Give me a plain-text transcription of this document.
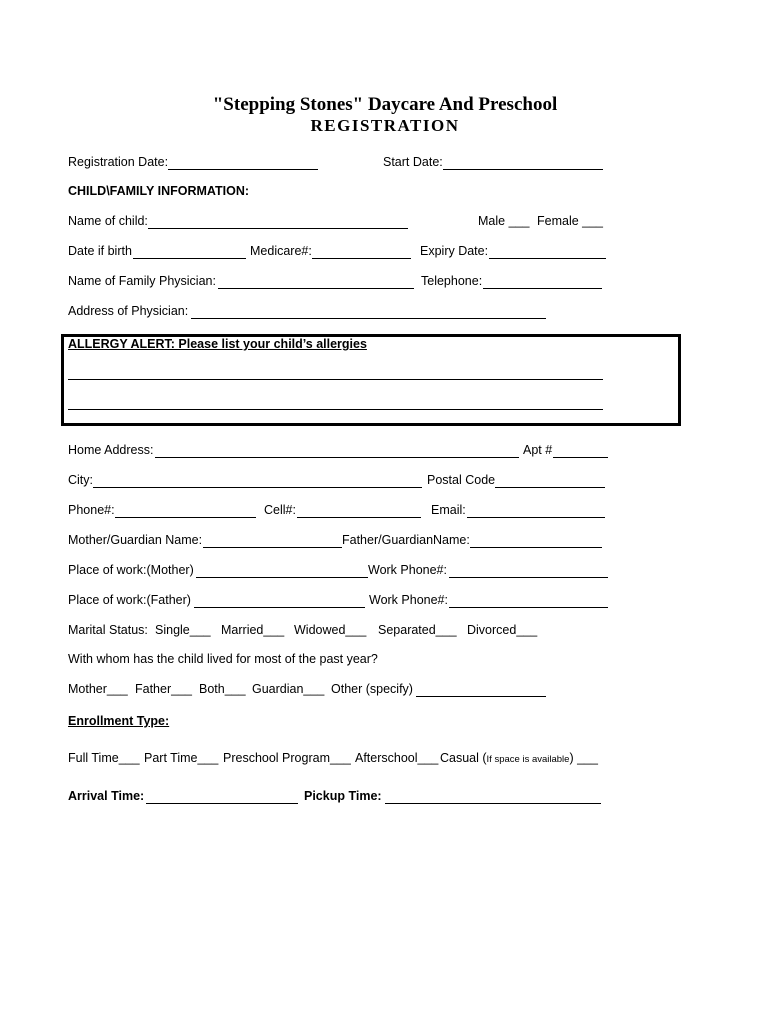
"Stepping Stones" Daycare And Preschool
REGISTRATION
Registration Date:	Start Date:
CHILD\FAMILY INFORMATION:
Name of child:	Male ___ Female ___
Date if birth	Medicare#:	Expiry Date:
Name of Family Physician:	Telephone:
Address of Physician:
ALLERGY ALERT: Please list your child’s allergies
Home Address:	Apt #
City:	Postal Code
Phone#:	Cell#:	Email:
Mother/Guardian Name:	Father/GuardianName:
Place of work:(Mother)	Work Phone#:
Place of work:(Father)	Work Phone#:
Marital Status: Single___ Married___ Widowed___ Separated___ Divorced___
With whom has the child lived for most of the past year?
Mother___ Father___ Both___ Guardian___ Other (specify)
Enrollment Type:
Full Time___ Part Time___ Preschool Program___ Afterschool___ Casual (If space is available) ___
Arrival Time:	Pickup Time:
